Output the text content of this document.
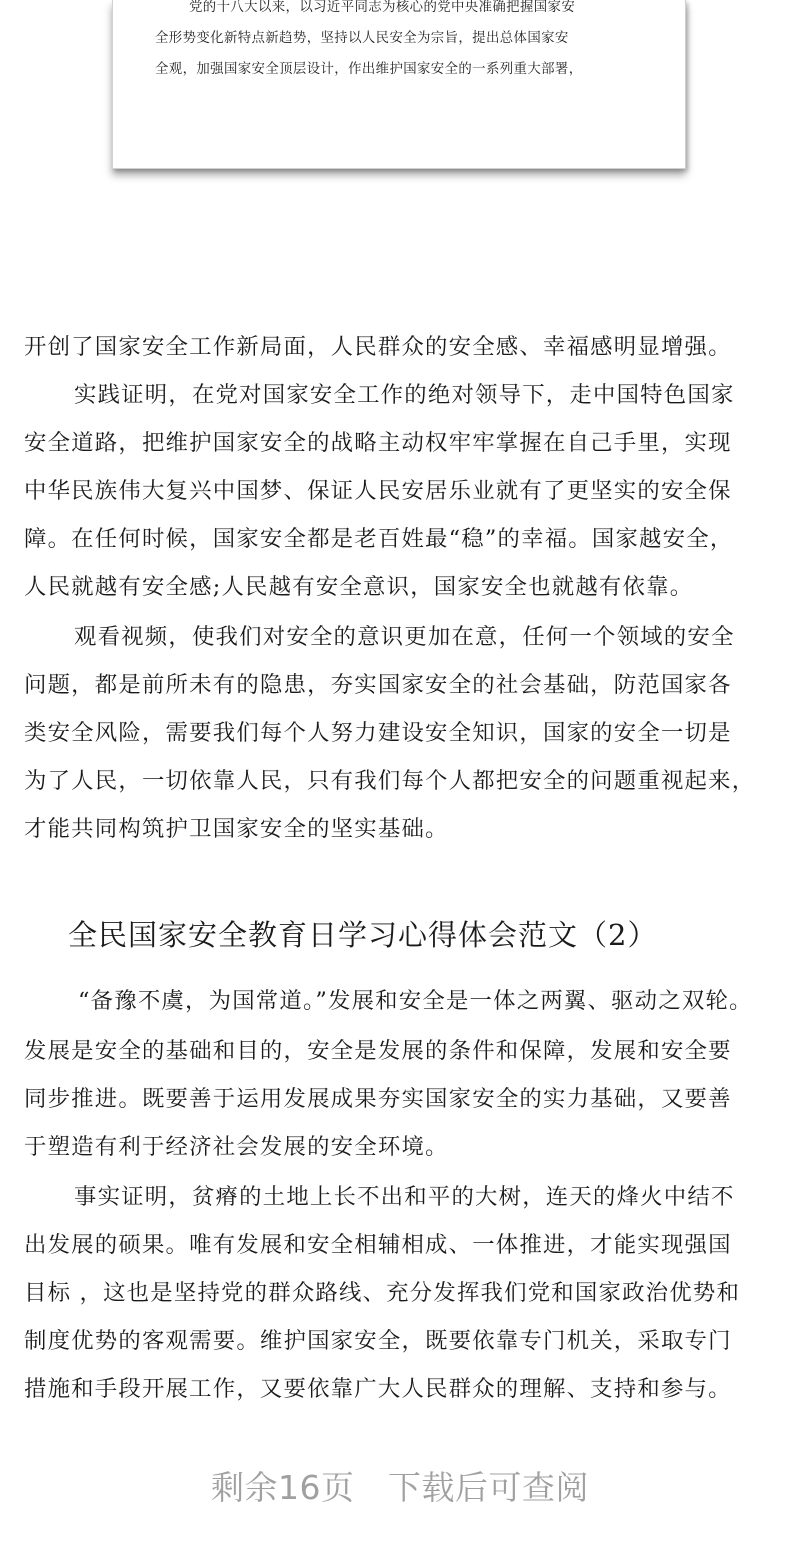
党的十八大以来，以习近平同志为核心的党中央准确把握国家安
全形势变化新特点新趋势，坚持以人民安全为宗旨，提出总体国家安
全观，加强国家安全顶层设计，作出维护国家安全的一系列重大部署，
开创了国家安全工作新局面，人民群众的安全感、幸福感明显增强。
实践证明，在党对国家安全工作的绝对领导下，走中国特色国家
安全道路，把维护国家安全的战略主动权牢牢掌握在自己手里，实现
中华民族伟大复兴中国梦、保证人民安居乐业就有了更坚实的安全保
障。在任何时候，国家安全都是老百姓最“稳”的幸福。国家越安全，
人民就越有安全感;人民越有安全意识，国家安全也就越有依靠。
观看视频，使我们对安全的意识更加在意，任何一个领域的安全
问题，都是前所未有的隐患，夯实国家安全的社会基础，防范国家各
类安全风险，需要我们每个人努力建设安全知识，国家的安全一切是
为了人民，一切依靠人民，只有我们每个人都把安全的问题重视起来，
才能共同构筑护卫国家安全的坚实基础。
全民国家安全教育日学习心得体会范文（2）
“备豫不虞，为国常道。”发展和安全是一体之两翼、驱动之双轮。
发展是安全的基础和目的，安全是发展的条件和保障，发展和安全要
同步推进。既要善于运用发展成果夯实国家安全的实力基础，又要善
于塑造有利于经济社会发展的安全环境。
事实证明，贫瘠的土地上长不出和平的大树，连天的烽火中结不
出发展的硕果。唯有发展和安全相辅相成、一体推进，才能实现强国
目标 ，这也是坚持党的群众路线、充分发挥我们党和国家政治优势和
制度优势的客观需要。维护国家安全，既要依靠专门机关，采取专门
措施和手段开展工作，又要依靠广大人民群众的理解、支持和参与。
剩余16页　下载后可查阅
